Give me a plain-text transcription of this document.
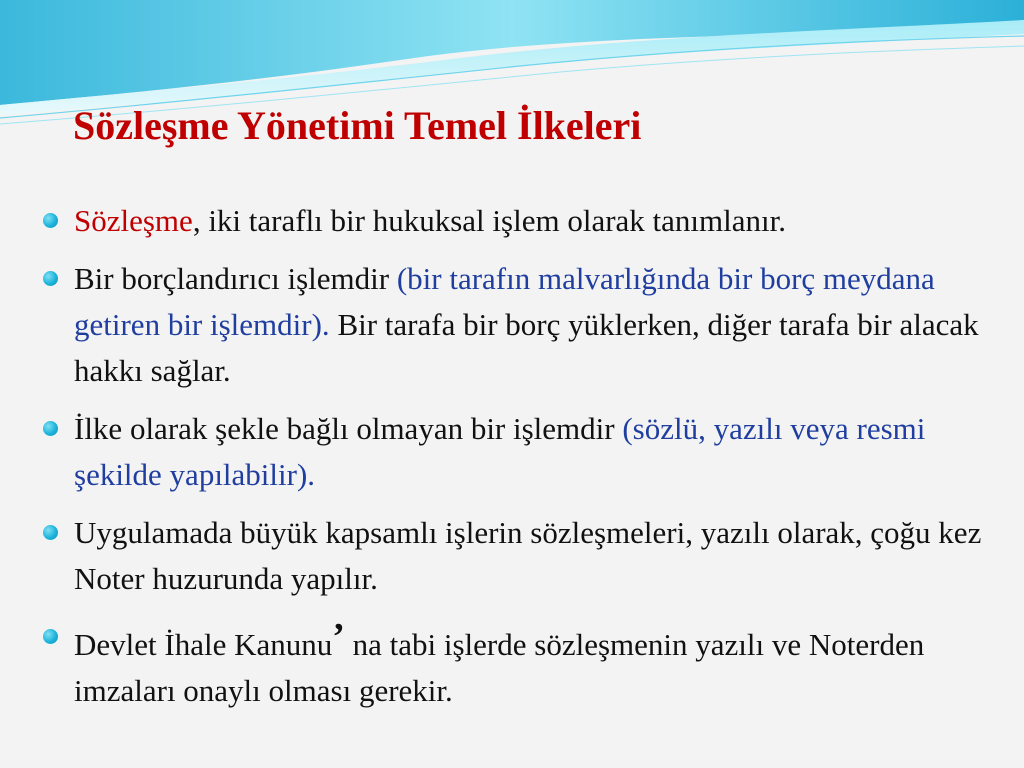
Sözleşme Yönetimi Temel İlkeleri
Sözleşme, iki taraflı bir hukuksal işlem olarak tanımlanır.
Bir borçlandırıcı işlemdir (bir tarafın malvarlığında bir borç meydana getiren bir işlemdir). Bir tarafa bir borç yüklerken, diğer tarafa bir alacak hakkı sağlar.
İlke olarak şekle bağlı olmayan bir işlemdir (sözlü, yazılı veya resmi şekilde yapılabilir).
Uygulamada büyük kapsamlı işlerin sözleşmeleri, yazılı olarak, çoğu kez Noter huzurunda yapılır.
Devlet İhale Kanunu’ na tabi işlerde sözleşmenin yazılı ve Noterden imzaları onaylı olması gerekir.
